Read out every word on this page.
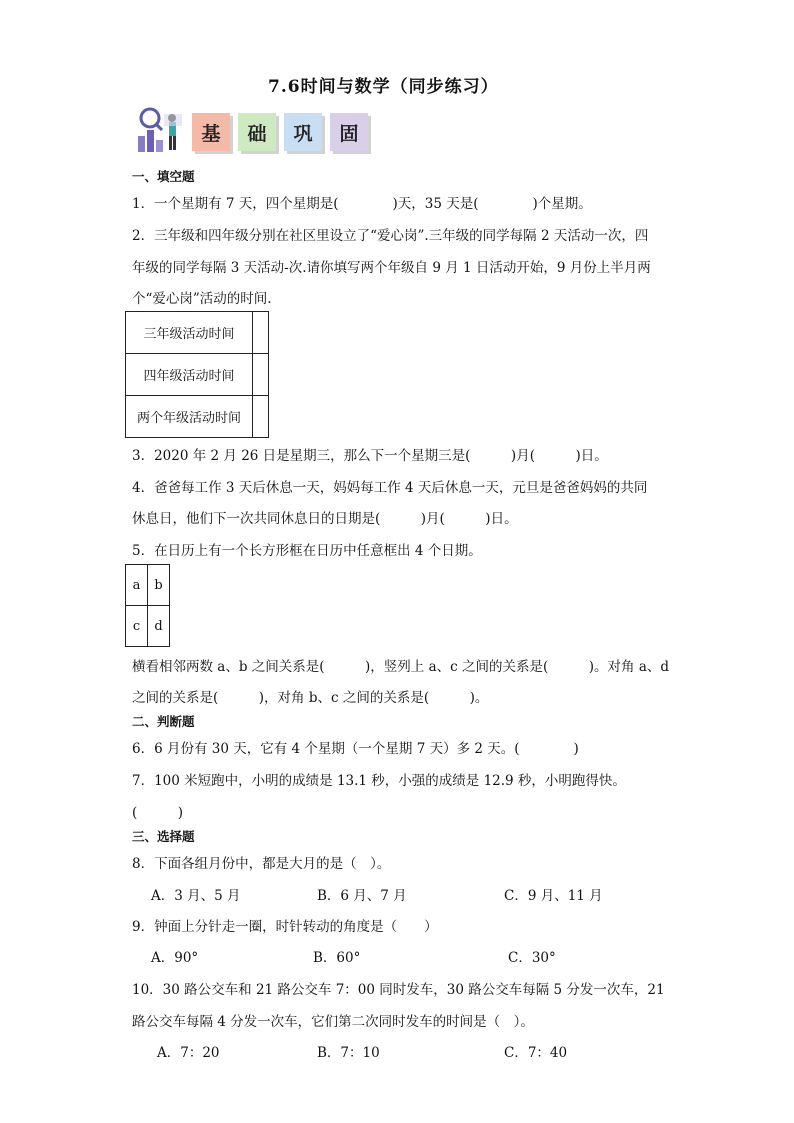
7.6时间与数学（同步练习）
基 础 巩 固
一、填空题
1．一个星期有 7 天，四个星期是(　　　　)天，35 天是(　　　　)个星期。
2．三年级和四年级分别在社区里设立了“爱心岗”.三年级的同学每隔 2 天活动一次，四
年级的同学每隔 3 天活动-次.请你填写两个年级自 9 月 1 日活动开始，9 月份上半月两
个“爱心岗”活动的时间.
三年级活动时间	
四年级活动时间	
两个年级活动时间	
3．2020 年 2 月 26 日是星期三，那么下一个星期三是(　　　)月(　　　)日。
4．爸爸每工作 3 天后休息一天，妈妈每工作 4 天后休息一天，元旦是爸爸妈妈的共同
休息日，他们下一次共同休息日的日期是(　　　)月(　　　)日。
5．在日历上有一个长方形框在日历中任意框出 4 个日期。
a	b
c	d
横看相邻两数 a、b 之间关系是(　　　)，竖列上 a、c 之间的关系是(　　　)。对角 a、d
之间的关系是(　　　)，对角 b、c 之间的关系是(　　　)。
二、判断题
6．6 月份有 30 天，它有 4 个星期（一个星期 7 天）多 2 天。(　　　　)
7．100 米短跑中，小明的成绩是 13.1 秒，小强的成绩是 12.9 秒，小明跑得快。
(　　　)
三、选择题
8．下面各组月份中，都是大月的是（　）。
A．3 月、5 月	B．6 月、7 月	C．9 月、11 月
9．钟面上分针走一圈，时针转动的角度是（　　）
A．90°	B．60°	C．30°
10．30 路公交车和 21 路公交车 7：00 同时发车，30 路公交车每隔 5 分发一次车，21
路公交车每隔 4 分发一次车，它们第二次同时发车的时间是（　）。
A．7：20	B．7：10	C．7：40
